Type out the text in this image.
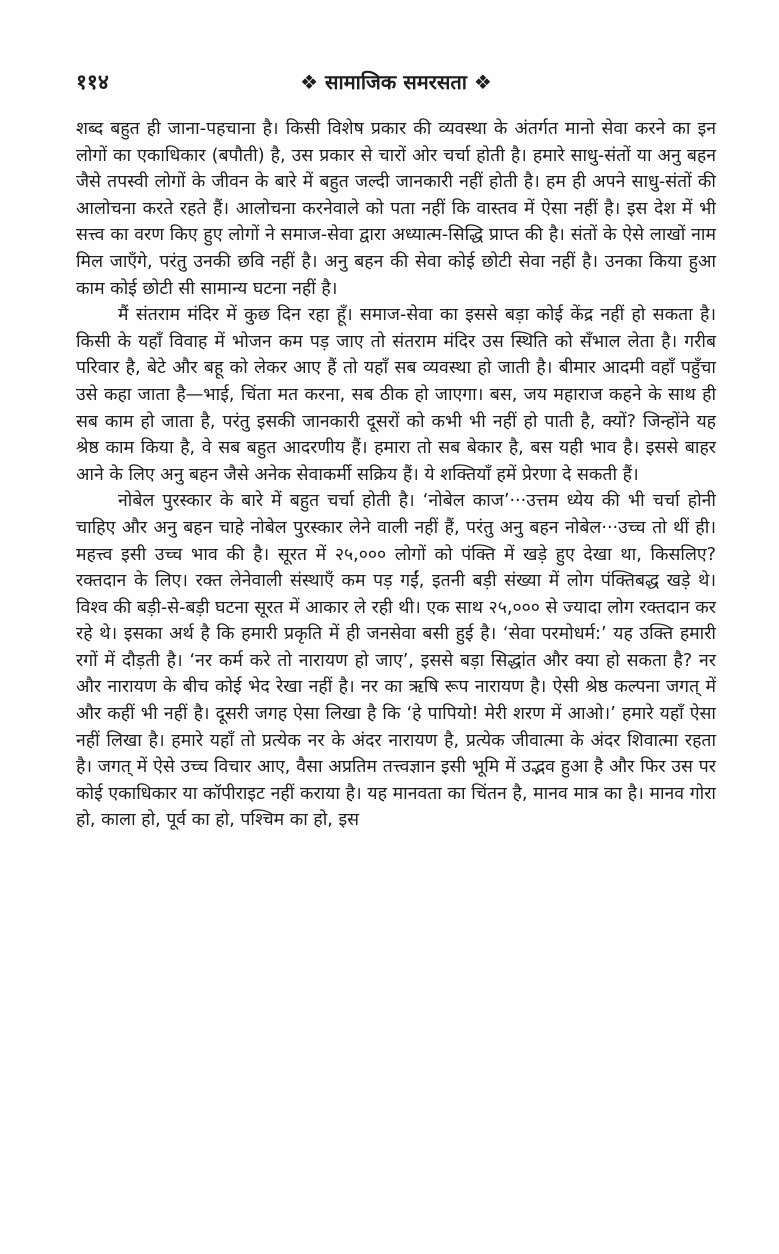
११४	❖ सामाजिक समरसता ❖

शब्द बहुत ही जाना-पहचाना है। किसी विशेष प्रकार की व्यवस्था के अंतर्गत मानो सेवा करने का इन लोगों का एकाधिकार (बपौती) है, उस प्रकार से चारों ओर चर्चा होती है। हमारे साधु-संतों या अनु बहन जैसे तपस्वी लोगों के जीवन के बारे में बहुत जल्दी जानकारी नहीं होती है। हम ही अपने साधु-संतों की आलोचना करते रहते हैं। आलोचना करनेवाले को पता नहीं कि वास्तव में ऐसा नहीं है। इस देश में भी सत्त्व का वरण किए हुए लोगों ने समाज-सेवा द्वारा अध्यात्म-सिद्धि प्राप्त की है। संतों के ऐसे लाखों नाम मिल जाएँगे, परंतु उनकी छवि नहीं है। अनु बहन की सेवा कोई छोटी सेवा नहीं है। उनका किया हुआ काम कोई छोटी सी सामान्य घटना नहीं है।

मैं संतराम मंदिर में कुछ दिन रहा हूँ। समाज-सेवा का इससे बड़ा कोई केंद्र नहीं हो सकता है। किसी के यहाँ विवाह में भोजन कम पड़ जाए तो संतराम मंदिर उस स्थिति को सँभाल लेता है। गरीब परिवार है, बेटे और बहू को लेकर आए हैं तो यहाँ सब व्यवस्था हो जाती है। बीमार आदमी वहाँ पहुँचा उसे कहा जाता है—भाई, चिंता मत करना, सब ठीक हो जाएगा। बस, जय महाराज कहने के साथ ही सब काम हो जाता है, परंतु इसकी जानकारी दूसरों को कभी भी नहीं हो पाती है, क्यों? जिन्होंने यह श्रेष्ठ काम किया है, वे सब बहुत आदरणीय हैं। हमारा तो सब बेकार है, बस यही भाव है। इससे बाहर आने के लिए अनु बहन जैसे अनेक सेवाकर्मी सक्रिय हैं। ये शक्तियाँ हमें प्रेरणा दे सकती हैं।

नोबेल पुरस्कार के बारे में बहुत चर्चा होती है। ‘नोबेल काज’···उत्तम ध्येय की भी चर्चा होनी चाहिए और अनु बहन चाहे नोबेल पुरस्कार लेने वाली नहीं हैं, परंतु अनु बहन नोबेल···उच्च तो थीं ही। महत्त्व इसी उच्च भाव की है। सूरत में २५,००० लोगों को पंक्ति में खड़े हुए देखा था, किसलिए? रक्तदान के लिए। रक्त लेनेवाली संस्थाएँ कम पड़ गईं, इतनी बड़ी संख्या में लोग पंक्तिबद्ध खड़े थे। विश्व की बड़ी-से-बड़ी घटना सूरत में आकार ले रही थी। एक साथ २५,००० से ज्यादा लोग रक्तदान कर रहे थे। इसका अर्थ है कि हमारी प्रकृति में ही जनसेवा बसी हुई है। ‘सेवा परमोधर्म:’ यह उक्ति हमारी रगों में दौड़ती है। ‘नर कर्म करे तो नारायण हो जाए’, इससे बड़ा सिद्धांत और क्या हो सकता है? नर और नारायण के बीच कोई भेद रेखा नहीं है। नर का ऋषि रूप नारायण है। ऐसी श्रेष्ठ कल्पना जगत् में और कहीं भी नहीं है। दूसरी जगह ऐसा लिखा है कि ‘हे पापियो! मेरी शरण में आओ।’ हमारे यहाँ ऐसा नहीं लिखा है। हमारे यहाँ तो प्रत्येक नर के अंदर नारायण है, प्रत्येक जीवात्मा के अंदर शिवात्मा रहता है। जगत् में ऐसे उच्च विचार आए, वैसा अप्रतिम तत्त्वज्ञान इसी भूमि में उद्भव हुआ है और फिर उस पर कोई एकाधिकार या कॉपीराइट नहीं कराया है। यह मानवता का चिंतन है, मानव मात्र का है। मानव गोरा हो, काला हो, पूर्व का हो, पश्चिम का हो, इस
